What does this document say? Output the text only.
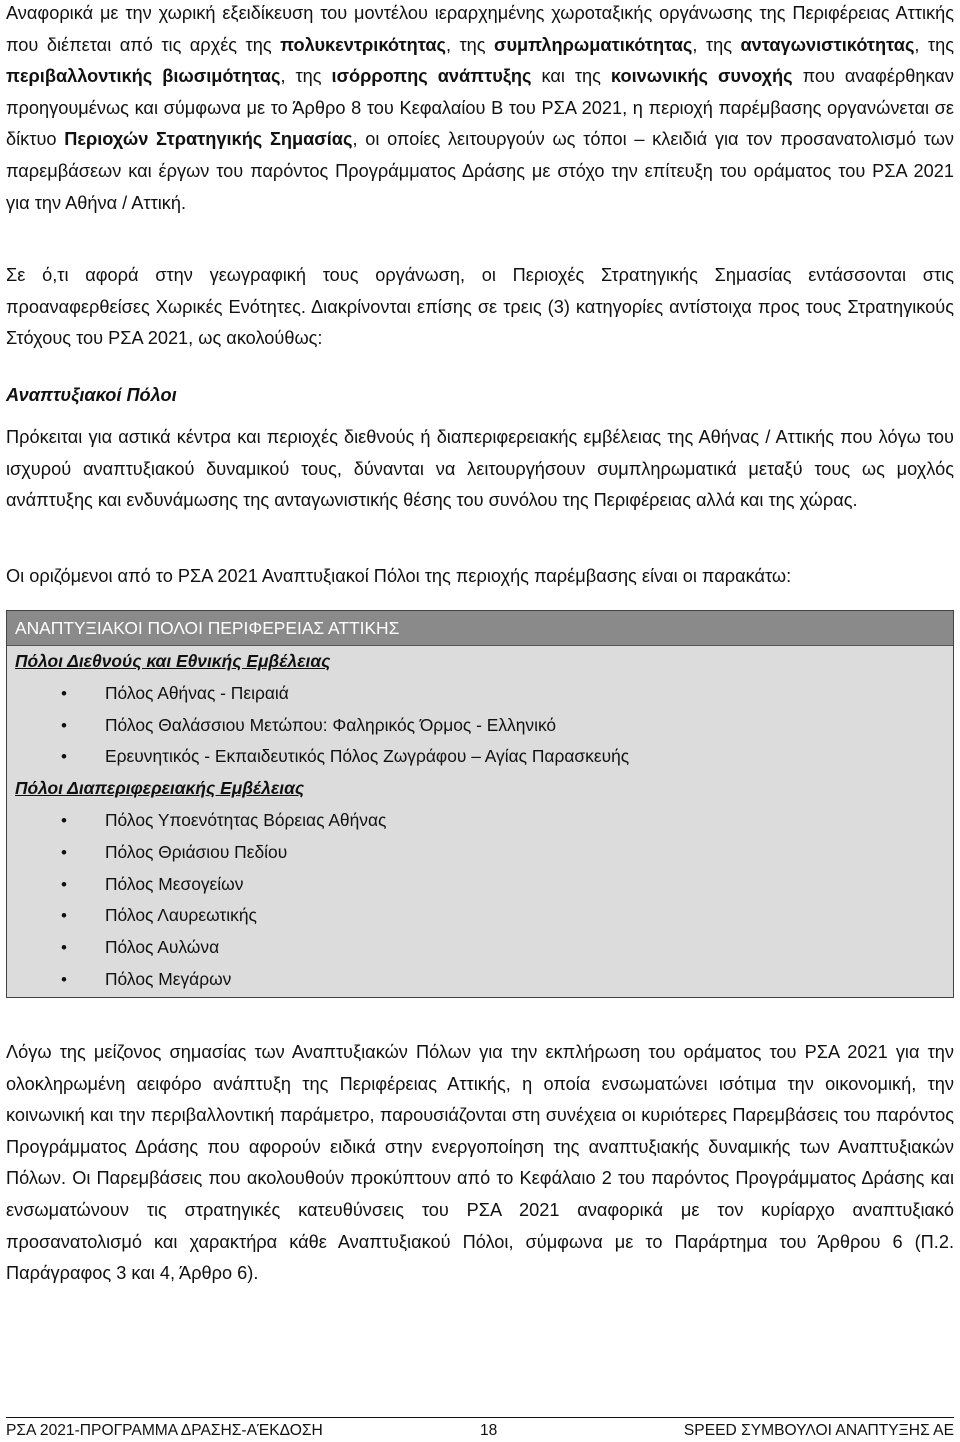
Αναφορικά με την χωρική εξειδίκευση του μοντέλου ιεραρχημένης χωροταξικής οργάνωσης της Περιφέρειας Αττικής που διέπεται από τις αρχές της πολυκεντρικότητας, της συμπληρωματικότητας, της ανταγωνιστικότητας, της περιβαλλοντικής βιωσιμότητας, της ισόρροπης ανάπτυξης και της κοινωνικής συνοχής που αναφέρθηκαν προηγουμένως και σύμφωνα με το Άρθρο 8 του Κεφαλαίου Β του ΡΣΑ 2021, η περιοχή παρέμβασης οργανώνεται σε δίκτυο Περιοχών Στρατηγικής Σημασίας, οι οποίες λειτουργούν ως τόποι – κλειδιά για τον προσανατολισμό των παρεμβάσεων και έργων του παρόντος Προγράμματος Δράσης με στόχο την επίτευξη του οράματος του ΡΣΑ 2021 για την Αθήνα / Αττική.

Σε ό,τι αφορά στην γεωγραφική τους οργάνωση, οι Περιοχές Στρατηγικής Σημασίας εντάσσονται στις προαναφερθείσες Χωρικές Ενότητες. Διακρίνονται επίσης σε τρεις (3) κατηγορίες αντίστοιχα προς τους Στρατηγικούς Στόχους του ΡΣΑ 2021, ως ακολούθως:

Αναπτυξιακοί Πόλοι

Πρόκειται για αστικά κέντρα και περιοχές διεθνούς ή διαπεριφερειακής εμβέλειας της Αθήνας / Αττικής που λόγω του ισχυρού αναπτυξιακού δυναμικού τους, δύνανται να λειτουργήσουν συμπληρωματικά μεταξύ τους ως μοχλός ανάπτυξης και ενδυνάμωσης της ανταγωνιστικής θέσης του συνόλου της Περιφέρειας αλλά και της χώρας.

Οι οριζόμενοι από το ΡΣΑ 2021 Αναπτυξιακοί Πόλοι της περιοχής παρέμβασης είναι οι παρακάτω:

ΑΝΑΠΤΥΞΙΑΚΟΙ ΠΟΛΟΙ ΠΕΡΙΦΕΡΕΙΑΣ ΑΤΤΙΚΗΣ
Πόλοι Διεθνούς και Εθνικής Εμβέλειας
• Πόλος Αθήνας - Πειραιά
• Πόλος Θαλάσσιου Μετώπου: Φαληρικός Όρμος - Ελληνικό
• Ερευνητικός - Εκπαιδευτικός Πόλος Ζωγράφου – Αγίας Παρασκευής
Πόλοι Διαπεριφερειακής Εμβέλειας
• Πόλος Υποενότητας Βόρειας Αθήνας
• Πόλος Θριάσιου Πεδίου
• Πόλος Μεσογείων
• Πόλος Λαυρεωτικής
• Πόλος Αυλώνα
• Πόλος Μεγάρων

Λόγω της μείζονος σημασίας των Αναπτυξιακών Πόλων για την εκπλήρωση του οράματος του ΡΣΑ 2021 για την ολοκληρωμένη αειφόρο ανάπτυξη της Περιφέρειας Αττικής, η οποία ενσωματώνει ισότιμα την οικονομική, την κοινωνική και την περιβαλλοντική παράμετρο, παρουσιάζονται στη συνέχεια οι κυριότερες Παρεμβάσεις του παρόντος Προγράμματος Δράσης που αφορούν ειδικά στην ενεργοποίηση της αναπτυξιακής δυναμικής των Αναπτυξιακών Πόλων. Οι Παρεμβάσεις που ακολουθούν προκύπτουν από το Κεφάλαιο 2 του παρόντος Προγράμματος Δράσης και ενσωματώνουν τις στρατηγικές κατευθύνσεις του ΡΣΑ 2021 αναφορικά με τον κυρίαρχο αναπτυξιακό προσανατολισμό και χαρακτήρα κάθε Αναπτυξιακού Πόλοι, σύμφωνα με το Παράρτημα του Άρθρου 6 (Π.2. Παράγραφος 3 και 4, Άρθρο 6).

ΡΣΑ 2021-ΠΡΟΓΡΑΜΜΑ ΔΡΑΣΗΣ-ΑΈΚΔΟΣΗ	18	SPEED ΣΥΜΒΟΥΛΟΙ ΑΝΑΠΤΥΞΗΣ ΑΕ
